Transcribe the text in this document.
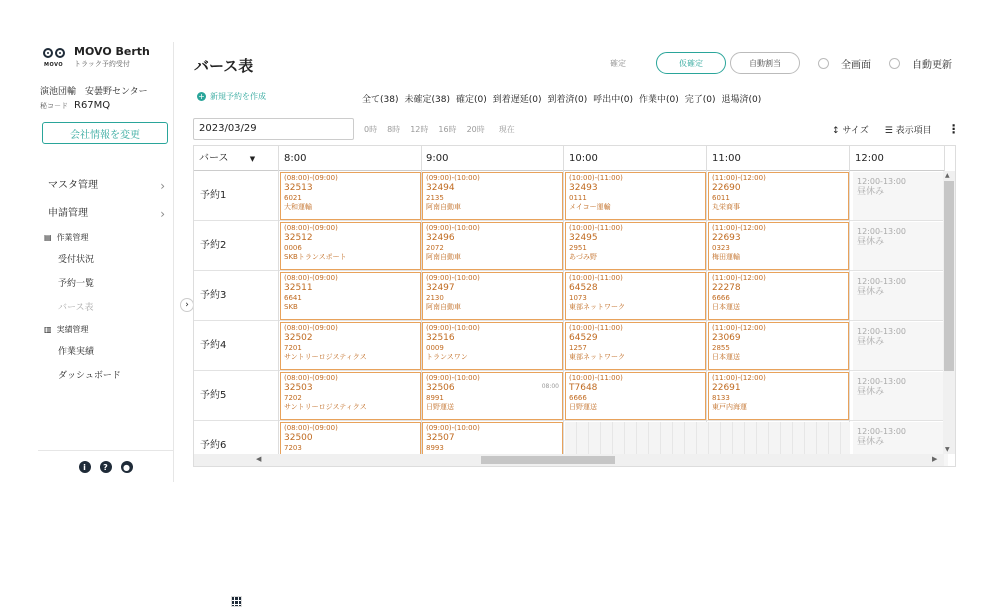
MOVO
MOVO Berth
トラック予約受付
演池団輸　安曇野センター
秘コ－ド R67MQ
会社情報を変更
マスタ管理	›
申請管理	›
▤ 作業管理
受付状況
予約一覧
バース表
▥ 実績管理
作業実績
ダッシュボード
i	?	●
›
バース表	確定	仮確定	自動割当	全画面	自動更新
+ 新規予約を作成	全て(38) 未確定(38) 確定(0) 到着遅延(0) 到着済(0) 呼出中(0) 作業中(0) 完了(0) 退場済(0)
2023/03/29	0時 8時 12時 16時 20時 現在	↕ サイズ ☰ 表示項目 ⋮
バース	▼	8:00	9:00	10:00	11:00	12:00
予約1
(08:00)-(09:00)
32513
6021
大和運輸
(09:00)-(10:00)
32494
2135
阿南自動車
(10:00)-(11:00)
32493
0111
メイコー運輸
(11:00)-(12:00)
22690
6011
丸栄商事
12:00-13:00
昼休み
予約2
(08:00)-(09:00)
32512
0006
SKBトランスポート
(09:00)-(10:00)
32496
2072
阿南自動車
(10:00)-(11:00)
32495
2951
あづみ野
(11:00)-(12:00)
22693
0323
梅田運輸
12:00-13:00
昼休み
予約3
(08:00)-(09:00)
32511
6641
SKB
(09:00)-(10:00)
32497
2130
阿南自動車
(10:00)-(11:00)
64528
1073
東部ネットワーク
(11:00)-(12:00)
22278
6666
日本運送
12:00-13:00
昼休み
予約4
(08:00)-(09:00)
32502
7201
サントリーロジスティクス
(09:00)-(10:00)
32516
0009
トランスワン
(10:00)-(11:00)
64529
1257
東部ネットワーク
(11:00)-(12:00)
23069
2855
日本運送
12:00-13:00
昼休み
予約5
(08:00)-(09:00)
32503
7202
サントリーロジスティクス
(09:00)-(10:00)
32506
8991
日野運送
08:00
(10:00)-(11:00)
T7648
6666
日野運送
(11:00)-(12:00)
22691
8133
東戸内海運
12:00-13:00
昼休み
予約6
(08:00)-(09:00)
32500
7203
(09:00)-(10:00)
32507
8993
12:00-13:00
昼休み
▲
▼
◀	▶
